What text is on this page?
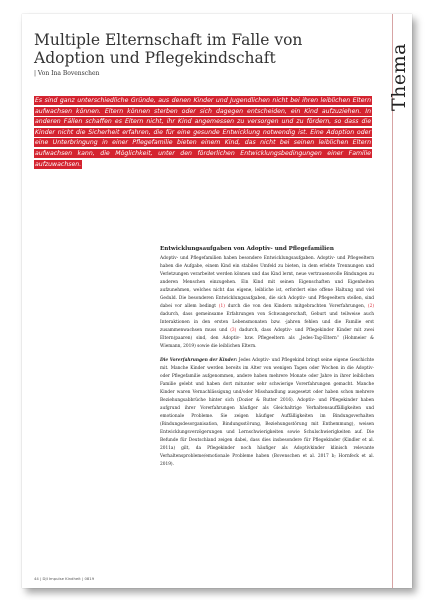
Thema
Multiple Elternschaft im Falle von Adoption und Pflegekindschaft
| Von Ina Bovenschen

Es sind ganz unterschiedliche Gründe, aus denen Kinder und Jugendlichen nicht bei ihren leiblichen Eltern aufwachsen können. Eltern können sterben oder sich dagegen entscheiden, ein Kind aufzuziehen. In anderen Fällen schaffen es Eltern nicht, ihr Kind angemessen zu versorgen und zu fördern, so dass die Kinder nicht die Sicherheit erfahren, die für eine gesunde Entwicklung notwendig ist. Eine Adoption oder eine Unterbringung in einer Pflegefamilie bieten einem Kind, das nicht bei seinen leiblichen Eltern aufwachsen kann, die Möglichkeit, unter den förderlichen Entwicklungsbedingungen einer Familie aufzuwachsen.

Entwicklungsaufgaben von Adoptiv- und Pflegefamilien

Adoptiv- und Pflegefamilien haben besondere Entwicklungsaufgaben. Adoptiv- und Pflegeeltern haben die Aufgabe, einem Kind ein stabiles Umfeld zu bieten, in dem erlebte Trennungen und Verletzungen verarbeitet werden können und das Kind lernt, neue vertrauensvolle Bindungen zu anderen Menschen einzugehen. Ein Kind mit seinen Eigenschaften und Eigenheiten aufzunehmen, welches nicht das eigene, leibliche ist, erfordert eine offene Haltung und viel Geduld. Die besonderen Entwicklungsaufgaben, die sich Adoptiv- und Pflegeeltern stellen, sind dabei vor allem bedingt (1) durch die von den Kindern mitgebrachten Vorerfahrungen, (2) dadurch, dass gemeinsame Erfahrungen von Schwangerschaft, Geburt und teilweise auch Interaktionen in den ersten Lebensmonaten bzw. -jahren fehlen und die Familie erst zusammenwachsen muss und (3) dadurch, dass Adoptiv- und Pflegekinder Kinder mit zwei Eltern(paaren) sind, den Adoptiv- bzw. Pflegeeltern als „Jedes-Tag-Eltern“ (Hohmeier & Wiemann, 2019) sowie die leiblichen Eltern.

Die Vorerfahrungen der Kinder: Jedes Adoptiv- und Pflegekind bringt seine eigene Geschichte mit. Manche Kinder werden bereits im Alter von wenigen Tagen oder Wochen in die Adoptiv- oder Pflegefamilie aufgenommen, andere haben mehrere Monate oder Jahre in ihrer leiblichen Familie gelebt und haben dort mitunter sehr schwierige Vorerfahrungen gemacht. Manche Kinder waren Vernachlässigung und/oder Misshandlung ausgesetzt oder haben schon mehrere Beziehungsabbrüche hinter sich (Dozier & Rutter 2016). Adoptiv- und Pflegekinder haben aufgrund ihrer Vorerfahrungen häufiger als Gleichaltrige Verhaltensauffälligkeiten und emotionale Probleme. Sie zeigen häufiger Auffälligkeiten im Bindungsverhalten (Bindungsdesorganisation, Bindungsstörung, Beziehungsstörung mit Enthemmung), weisen Entwicklungsverzögerungen und Lernschwierigkeiten sowie Schulschwierigkeiten auf. Die Befunde für Deutschland zeigen dabei, dass dies insbesondere für Pflegekinder (Kindler et al. 2011a) gilt, da Pflegekinder noch häufiger als Adoptivkinder klinisch relevante Verhaltensprobleme/emotionale Probleme haben (Bovenschen et al. 2017 b; Hornfeck et al. 2019).

44 | DJI Impulse Kindheit | 0819
